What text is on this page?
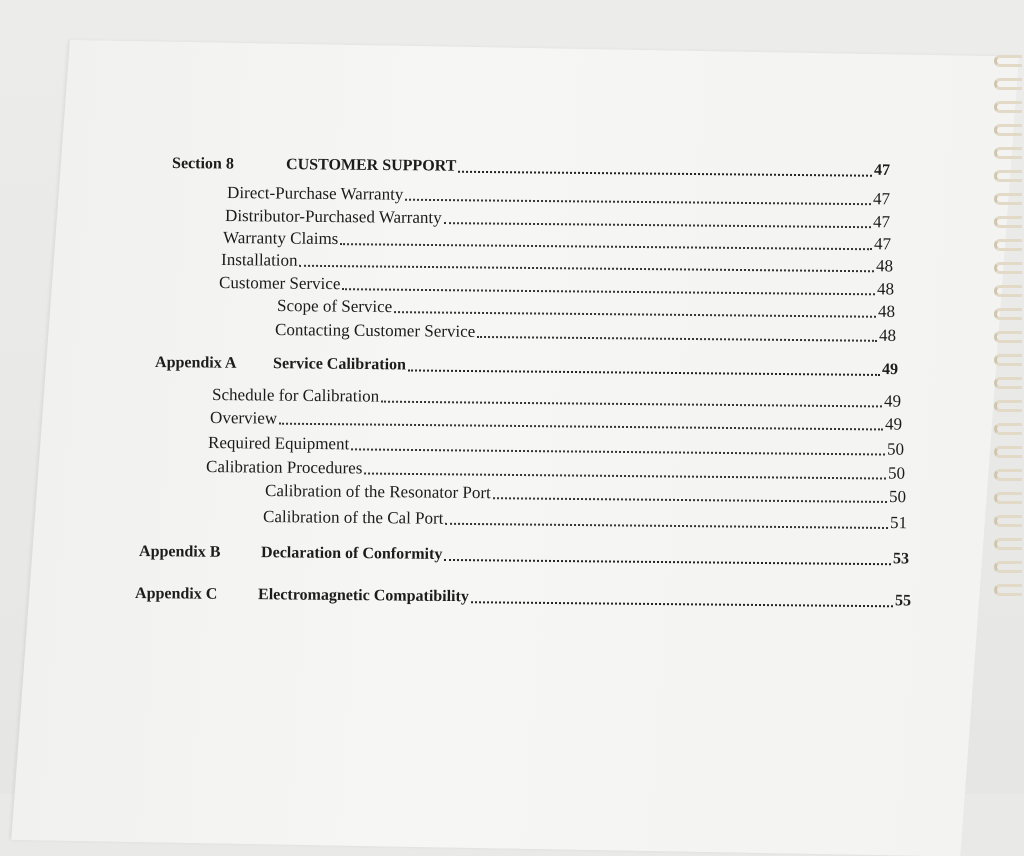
Section 8	CUSTOMER SUPPORT	47
Direct-Purchase Warranty	47
Distributor-Purchased Warranty	47
Warranty Claims	47
Installation	48
Customer Service	48
Scope of Service	48
Contacting Customer Service	48
Appendix A	Service Calibration	49
Schedule for Calibration	49
Overview	49
Required Equipment	50
Calibration Procedures	50
Calibration of the Resonator Port	50
Calibration of the Cal Port	51
Appendix B	Declaration of Conformity	53
Appendix C	Electromagnetic Compatibility	55
